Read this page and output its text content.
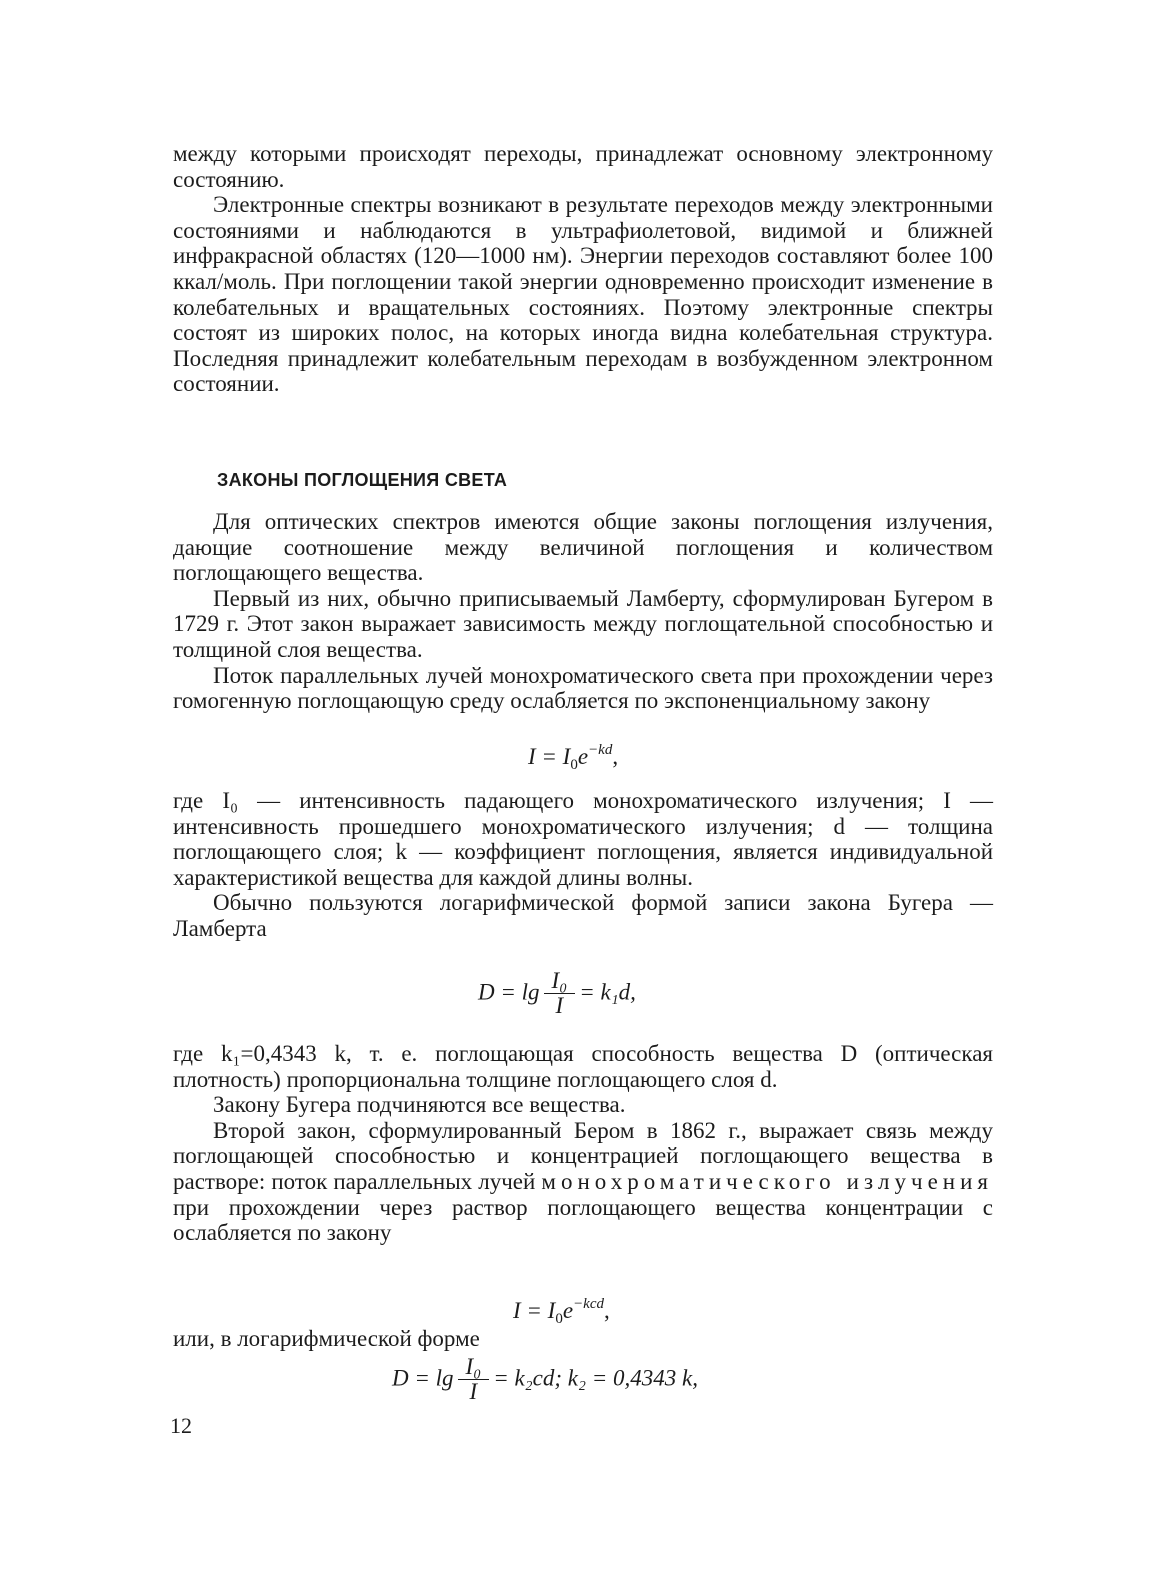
между которыми происходят переходы, принадлежат основному электронному состоянию.

Электронные спектры возникают в результате переходов между электронными состояниями и наблюдаются в ультрафиолетовой, видимой и ближней инфракрасной областях (120—1000 нм). Энергии переходов составляют более 100 ккал/моль. При поглощении такой энергии одновременно происходит изменение в колебательных и вращательных состояниях. Поэтому электронные спектры состоят из широких полос, на которых иногда видна колебательная структура. Последняя принадлежит колебательным переходам в возбужденном электронном состоянии.

ЗАКОНЫ ПОГЛОЩЕНИЯ СВЕТА

Для оптических спектров имеются общие законы поглощения излучения, дающие соотношение между величиной поглощения и количеством поглощающего вещества.

Первый из них, обычно приписываемый Ламберту, сформулирован Бугером в 1729 г. Этот закон выражает зависимость между поглощательной способностью и толщиной слоя вещества.

Поток параллельных лучей монохроматического света при прохождении через гомогенную поглощающую среду ослабляется по экспоненциальному закону

$I = I_0e^{-kd}$,

где I₀ — интенсивность падающего монохроматического излучения; I — интенсивность прошедшего монохроматического излучения; d — толщина поглощающего слоя; k — коэффициент поглощения, является индивидуальной характеристикой вещества для каждой длины волны.

Обычно пользуются логарифмической формой записи закона Бугера — Ламберта

$D = \lg \frac{\text{I₀}}{I} = k_1d$,

где k₁=0,4343 k, т. е. поглощающая способность вещества D (оптическая плотность) пропорциональна толщине поглощающего слоя d.

Закону Бугера подчиняются все вещества.

Второй закон, сформулированный Бером в 1862 г., выражает связь между поглощающей способностью и концентрацией поглощающего вещества в растворе: поток параллельных лучей монохроматического излучения при прохождении через раствор поглощающего вещества концентрации c ослабляется по закону

$I = I_0e^{-kcd}$,

или, в логарифмической форме

$D = \lg \frac{\text{I₀}}{I} = k_2cd$; k₂ = 0,4343 k,
12
